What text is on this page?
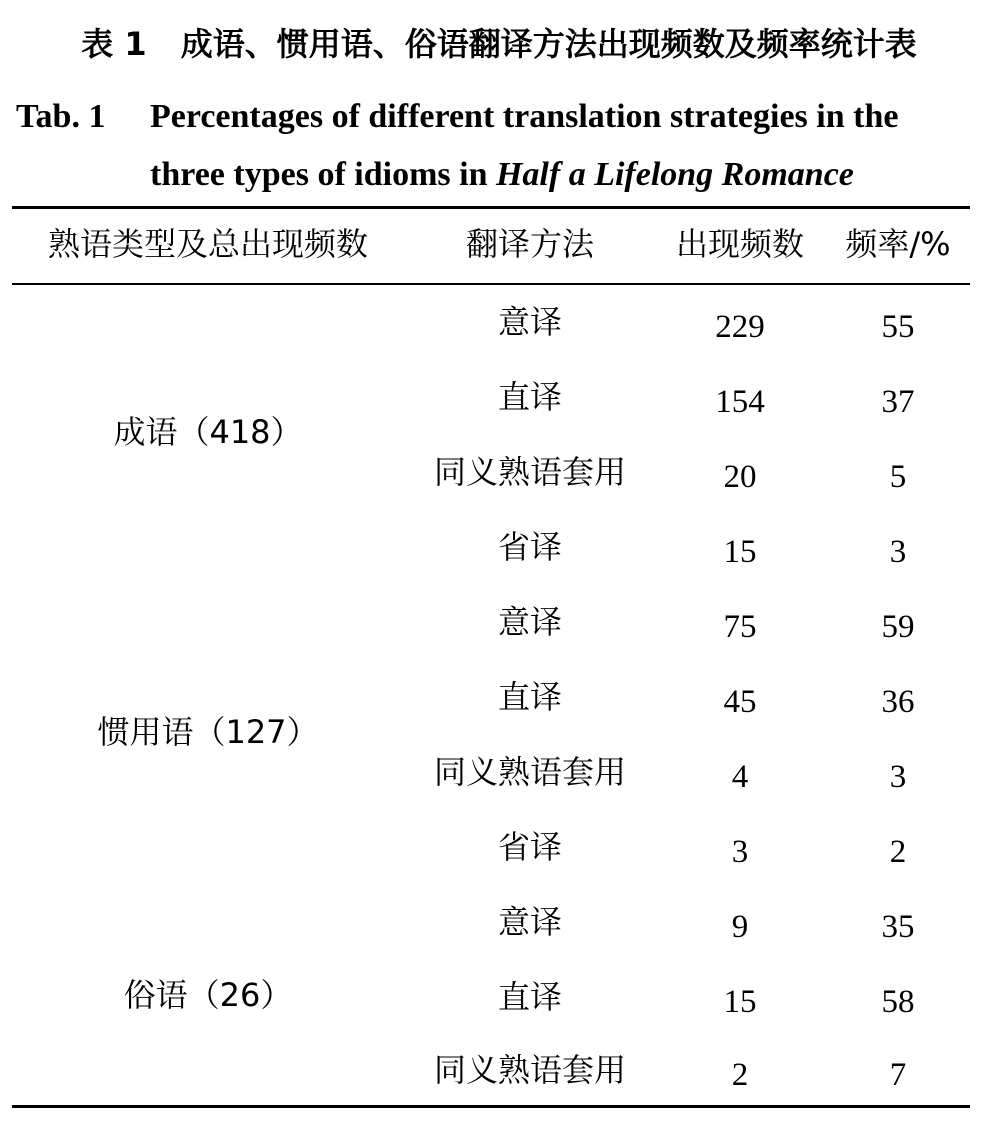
表 1 成语、惯用语、俗语翻译方法出现频数及频率统计表
Tab. 1 Percentages of different translation strategies in the
three types of idioms in Half a Lifelong Romance
熟语类型及总出现频数	翻译方法	出现频数	频率/%
成语（418）
意译	229	55
直译	154	37
同义熟语套用	20	5
省译	15	3
惯用语（127）
意译	75	59
直译	45	36
同义熟语套用	4	3
省译	3	2
俗语（26）
意译	9	35
直译	15	58
同义熟语套用	2	7
